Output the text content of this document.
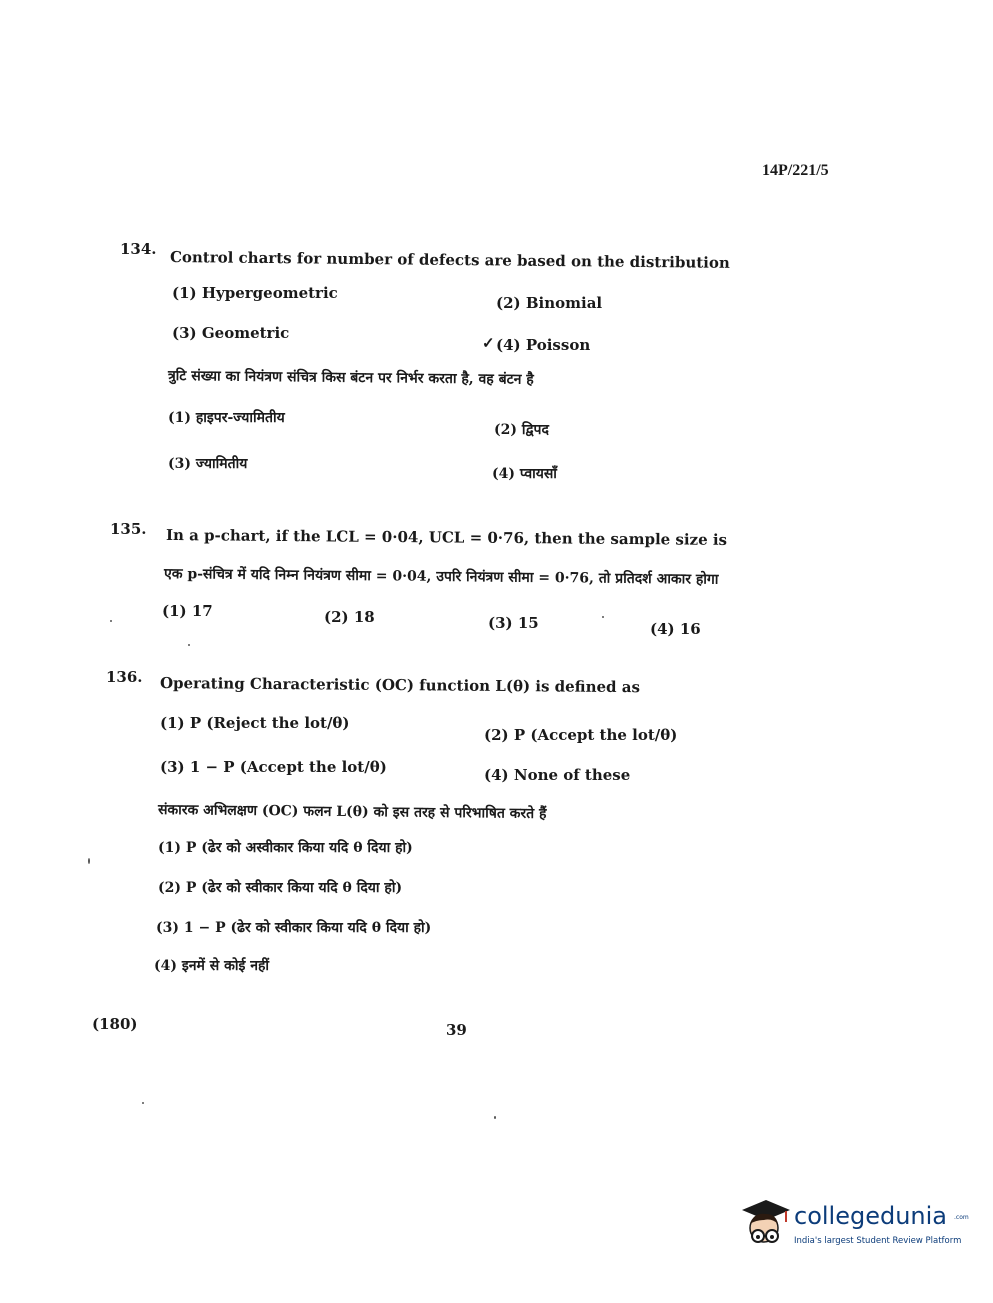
14P/221/5
134. Control charts for number of defects are based on the distribution
(1) Hypergeometric
(2) Binomial
(3) Geometric
✓ (4) Poisson
त्रुटि संख्या का नियंत्रण संचित्र किस बंटन पर निर्भर करता है, वह बंटन है
(1) हाइपर-ज्यामितीय
(2) द्विपद
(3) ज्यामितीय
(4) प्वायसाँ
135. In a p-chart, if the LCL = 0·04, UCL = 0·76, then the sample size is
एक p-संचित्र में यदि निम्न नियंत्रण सीमा = 0·04, उपरि नियंत्रण सीमा = 0·76, तो प्रतिदर्श आकार होगा
(1) 17	(2) 18	(3) 15	(4) 16
136. Operating Characteristic (OC) function L(θ) is defined as
(1) P (Reject the lot/θ)
(2) P (Accept the lot/θ)
(3) 1 − P (Accept the lot/θ)	(4) None of these
संकारक अभिलक्षण (OC) फलन L(θ) को इस तरह से परिभाषित करते हैं
(1) P (ढेर को अस्वीकार किया यदि θ दिया हो)
(2) P (ढेर को स्वीकार किया यदि θ दिया हो)
(3) 1 − P (ढेर को स्वीकार किया यदि θ दिया हो)
(4) इनमें से कोई नहीं
(180)	39
collegedunia .com
India's largest Student Review Platform
